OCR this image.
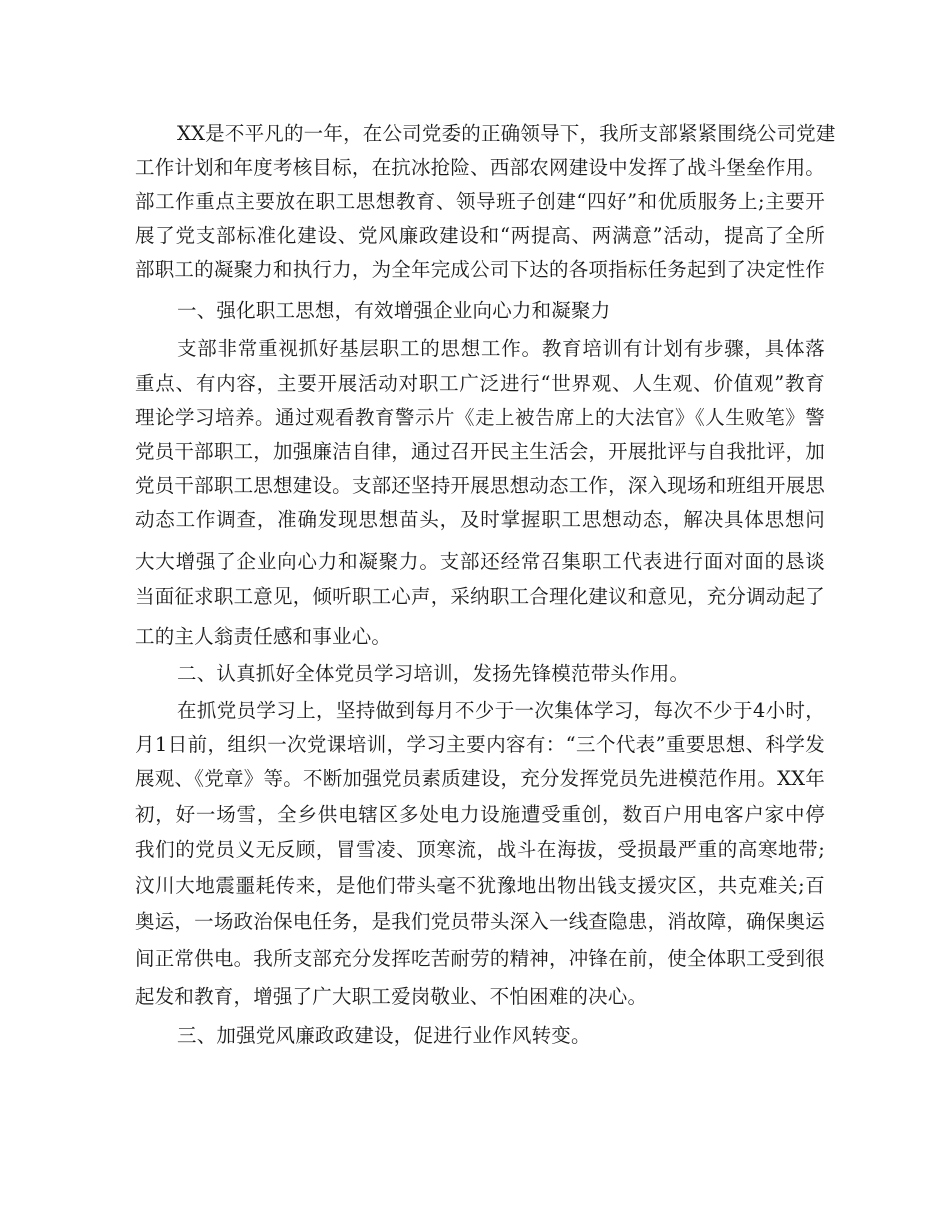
XX是不平凡的一年，在公司党委的正确领导下，我所支部紧紧围绕公司党建

工作计划和年度考核目标，在抗冰抢险、西部农网建设中发挥了战斗堡垒作用。

部工作重点主要放在职工思想教育、领导班子创建“四好”和优质服务上;主要开

展了党支部标准化建设、党风廉政建设和“两提高、两满意”活动，提高了全所

部职工的凝聚力和执行力，为全年完成公司下达的各项指标任务起到了决定性作

一、强化职工思想，有效增强企业向心力和凝聚力

支部非常重视抓好基层职工的思想工作。教育培训有计划有步骤，具体落

重点、有内容，主要开展活动对职工广泛进行“世界观、人生观、价值观”教育

理论学习培养。通过观看教育警示片《走上被告席上的大法官》《人生败笔》警

党员干部职工，加强廉洁自律，通过召开民主生活会，开展批评与自我批评，加

党员干部职工思想建设。支部还坚持开展思想动态工作，深入现场和班组开展思

动态工作调查，准确发现思想苗头，及时掌握职工思想动态，解决具体思想问

大大增强了企业向心力和凝聚力。支部还经常召集职工代表进行面对面的恳谈

当面征求职工意见，倾听职工心声，采纳职工合理化建议和意见，充分调动起了

工的主人翁责任感和事业心。

二、认真抓好全体党员学习培训，发扬先锋模范带头作用。

在抓党员学习上，坚持做到每月不少于一次集体学习，每次不少于4小时，

月1日前，组织一次党课培训，学习主要内容有：“三个代表”重要思想、科学发

展观、《党章》等。不断加强党员素质建设，充分发挥党员先进模范作用。XX年

初，好一场雪，全乡供电辖区多处电力设施遭受重创，数百户用电客户家中停

我们的党员义无反顾，冒雪凌、顶寒流，战斗在海拔，受损最严重的高寒地带;

汶川大地震噩耗传来，是他们带头毫不犹豫地出物出钱支援灾区，共克难关;百

奥运，一场政治保电任务，是我们党员带头深入一线查隐患，消故障，确保奥运

间正常供电。我所支部充分发挥吃苦耐劳的精神，冲锋在前，使全体职工受到很

起发和教育，增强了广大职工爱岗敬业、不怕困难的决心。

三、加强党风廉政政建设，促进行业作风转变。
